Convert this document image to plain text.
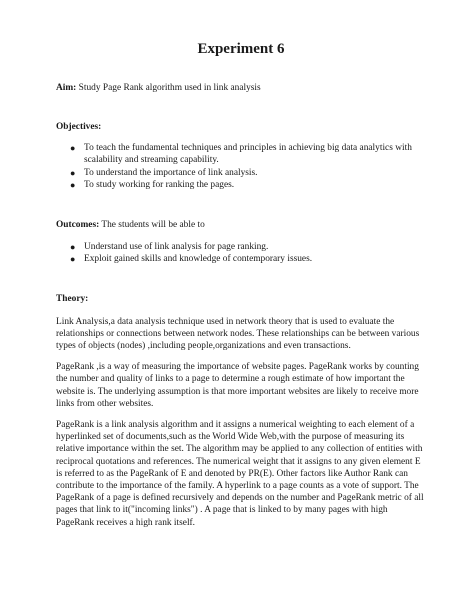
Experiment 6

Aim: Study Page Rank algorithm used in link analysis

Objectives:

● To teach the fundamental techniques and principles in achieving big data analytics with scalability and streaming capability.
● To understand the importance of link analysis.
● To study working for ranking the pages.

Outcomes: The students will be able to

● Understand use of link analysis for page ranking.
● Exploit gained skills and knowledge of contemporary issues.

Theory:

Link Analysis,a data analysis technique used in network theory that is used to evaluate the relationships or connections between network nodes. These relationships can be between various types of objects (nodes) ,including people,organizations and even transactions.

PageRank ,is a way of measuring the importance of website pages. PageRank works by counting the number and quality of links to a page to determine a rough estimate of how important the website is. The underlying assumption is that more important websites are likely to receive more links from other websites.

PageRank is a link analysis algorithm and it assigns a numerical weighting to each element of a hyperlinked set of documents,such as the World Wide Web,with the purpose of measuring its relative importance within the set. The algorithm may be applied to any collection of entities with reciprocal quotations and references. The numerical weight that it assigns to any given element E is referred to as the PageRank of E and denoted by PR(E). Other factors like Author Rank can contribute to the importance of the family. A hyperlink to a page counts as a vote of support. The PageRank of a page is defined recursively and depends on the number and PageRank metric of all pages that link to it("incoming links") . A page that is linked to by many pages with high PageRank receives a high rank itself.
